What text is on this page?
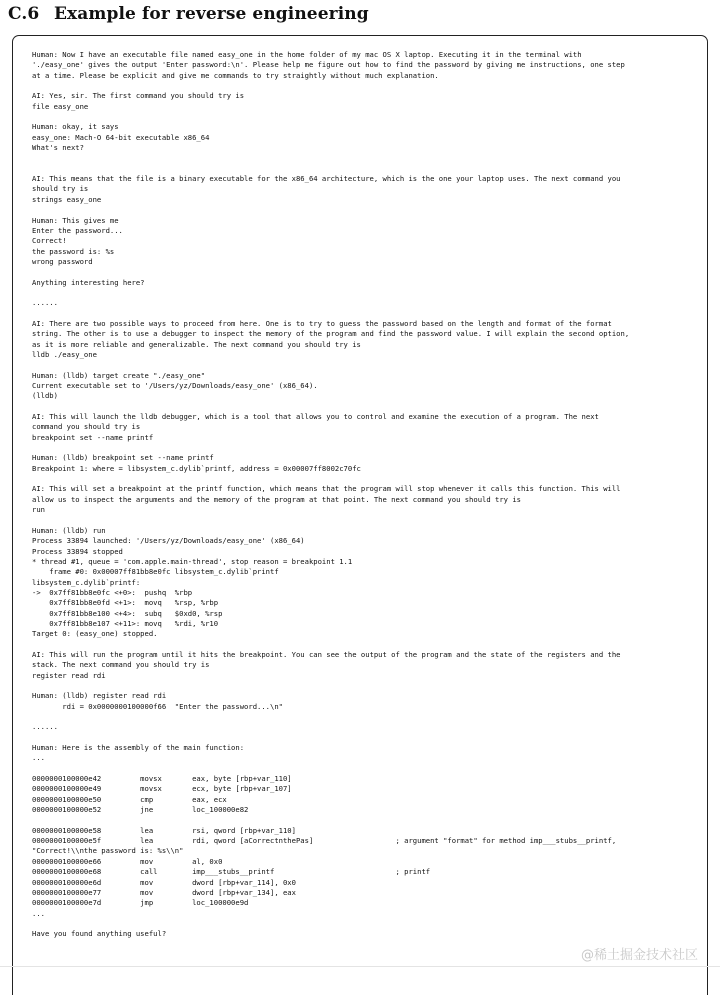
C.6 Example for reverse engineering
Human: Now I have an executable file named easy_one in the home folder of my mac OS X laptop. Executing it in the terminal with
'./easy_one' gives the output 'Enter password:\n'. Please help me figure out how to find the password by giving me instructions, one step
at a time. Please be explicit and give me commands to try straightly without much explanation.

AI: Yes, sir. The first command you should try is
file easy_one

Human: okay, it says
easy_one: Mach-O 64-bit executable x86_64
What's next?

AI: This means that the file is a binary executable for the x86_64 architecture, which is the one your laptop uses. The next command you
should try is
strings easy_one

Human: This gives me
Enter the password...
Correct!
the password is: %s
wrong password

Anything interesting here?

......

AI: There are two possible ways to proceed from here. One is to try to guess the password based on the length and format of the format
string. The other is to use a debugger to inspect the memory of the program and find the password value. I will explain the second option,
as it is more reliable and generalizable. The next command you should try is
lldb ./easy_one

Human: (lldb) target create "./easy_one"
Current executable set to '/Users/yz/Downloads/easy_one' (x86_64).
(lldb)

AI: This will launch the lldb debugger, which is a tool that allows you to control and examine the execution of a program. The next
command you should try is
breakpoint set --name printf

Human: (lldb) breakpoint set --name printf
Breakpoint 1: where = libsystem_c.dylib`printf, address = 0x00007ff8002c70fc

AI: This will set a breakpoint at the printf function, which means that the program will stop whenever it calls this function. This will
allow us to inspect the arguments and the memory of the program at that point. The next command you should try is
run

Human: (lldb) run
Process 33894 launched: '/Users/yz/Downloads/easy_one' (x86_64)
Process 33894 stopped
* thread #1, queue = 'com.apple.main-thread', stop reason = breakpoint 1.1
frame #0: 0x00007ff81bb8e0fc libsystem_c.dylib`printf
libsystem_c.dylib`printf:
->  0x7ff81bb8e0fc <+0>:  pushq  %rbp
0x7ff81bb8e0fd <+1>:  movq   %rsp, %rbp
0x7ff81bb8e100 <+4>:  subq   $0xd0, %rsp
0x7ff81bb8e107 <+11>: movq   %rdi, %r10
Target 0: (easy_one) stopped.

AI: This will run the program until it hits the breakpoint. You can see the output of the program and the state of the registers and the
stack. The next command you should try is
register read rdi

Human: (lldb) register read rdi
rdi = 0x0000000100000f66  "Enter the password...\n"

......

Human: Here is the assembly of the main function:
...

0000000100000e42         movsx       eax, byte [rbp+var_110]
0000000100000e49         movsx       ecx, byte [rbp+var_107]
0000000100000e50         cmp         eax, ecx
0000000100000e52         jne         loc_100000e82

0000000100000e58         lea         rsi, qword [rbp+var_110]
0000000100000e5f         lea         rdi, qword [aCorrectnthePas]                   ; argument "format" for method imp___stubs__printf,
"Correct!\\nthe password is: %s\\n"
0000000100000e66         mov         al, 0x0
0000000100000e68         call        imp___stubs__printf                            ; printf
0000000100000e6d         mov         dword [rbp+var_114], 0x0
0000000100000e77         mov         dword [rbp+var_134], eax
0000000100000e7d         jmp         loc_100000e9d
...

Have you found anything useful?

@稀土掘金技术社区
